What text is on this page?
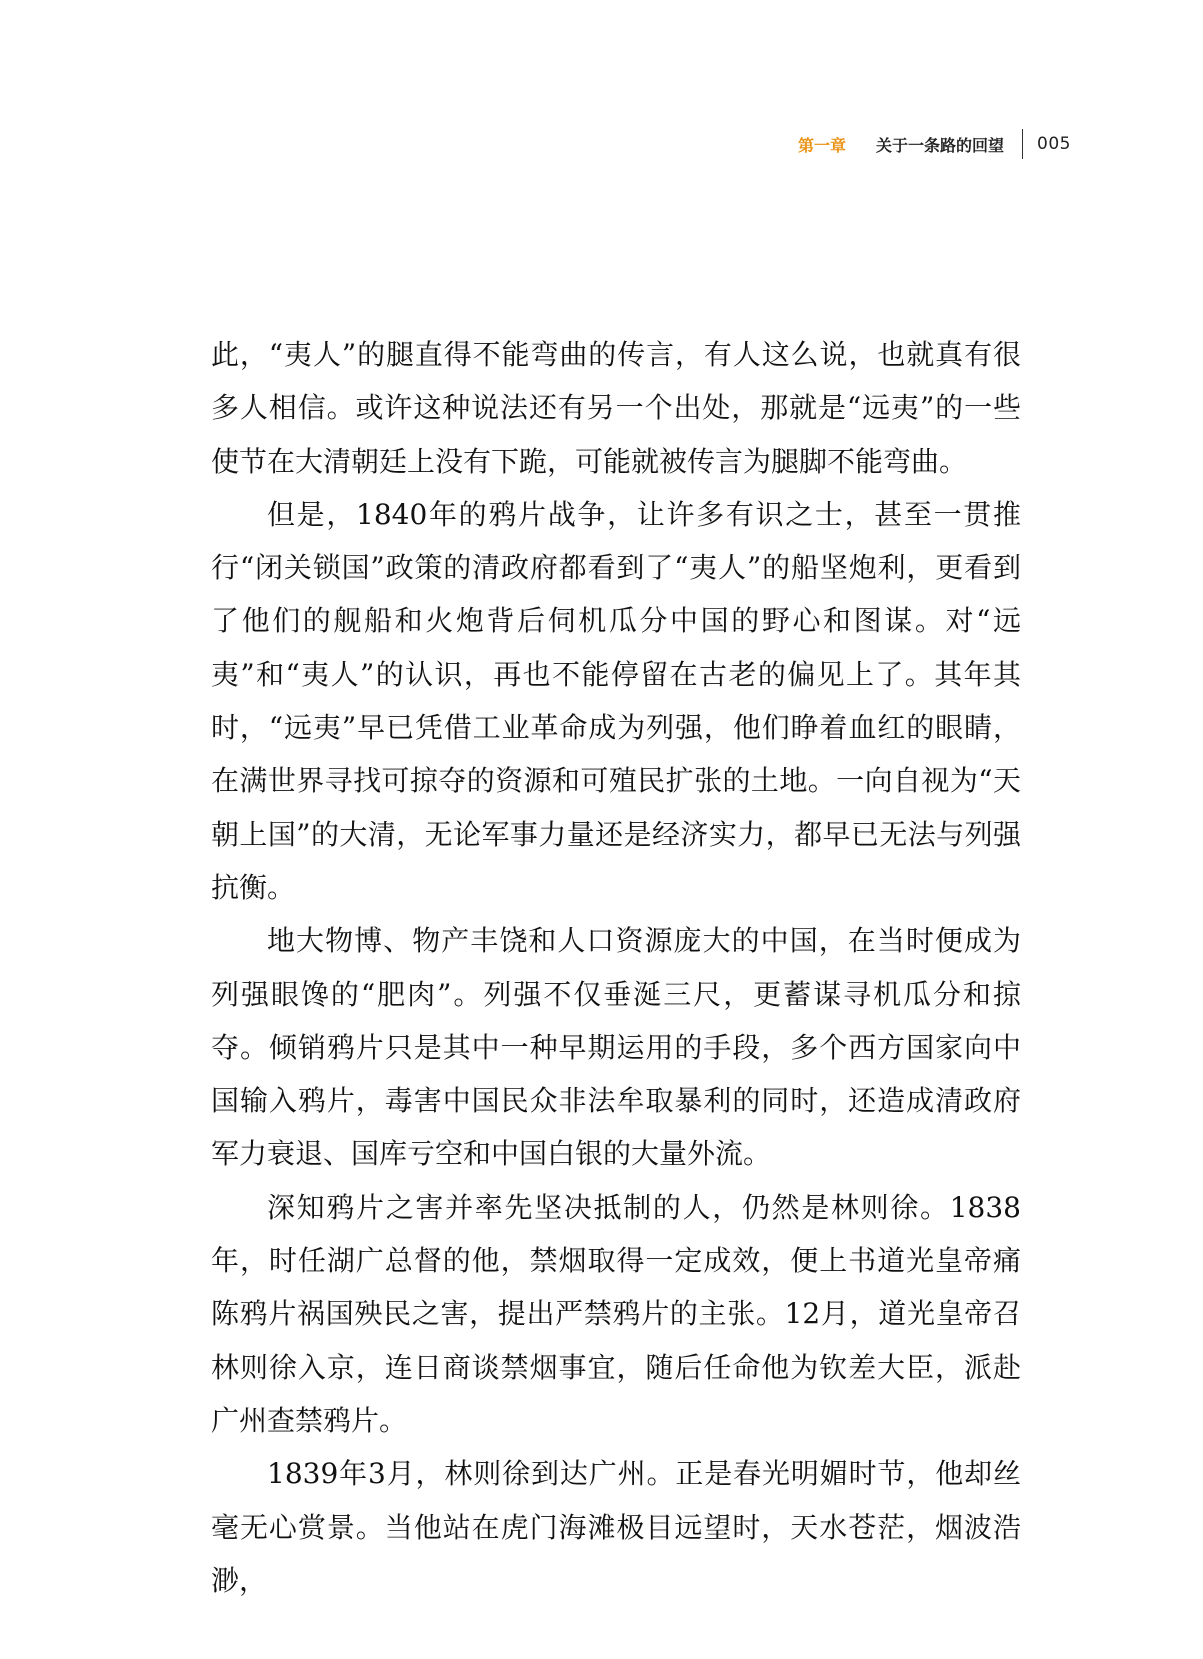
第一章 关于一条路的回望 005

此，“夷人”的腿直得不能弯曲的传言，有人这么说，也就真有很多人相信。或许这种说法还有另一个出处，那就是“远夷”的一些使节在大清朝廷上没有下跪，可能就被传言为腿脚不能弯曲。

但是，1840年的鸦片战争，让许多有识之士，甚至一贯推行“闭关锁国”政策的清政府都看到了“夷人”的船坚炮利，更看到了他们的舰船和火炮背后伺机瓜分中国的野心和图谋。对“远夷”和“夷人”的认识，再也不能停留在古老的偏见上了。其年其时，“远夷”早已凭借工业革命成为列强，他们睁着血红的眼睛，在满世界寻找可掠夺的资源和可殖民扩张的土地。一向自视为“天朝上国”的大清，无论军事力量还是经济实力，都早已无法与列强抗衡。

地大物博、物产丰饶和人口资源庞大的中国，在当时便成为列强眼馋的“肥肉”。列强不仅垂涎三尺，更蓄谋寻机瓜分和掠夺。倾销鸦片只是其中一种早期运用的手段，多个西方国家向中国输入鸦片，毒害中国民众非法牟取暴利的同时，还造成清政府军力衰退、国库亏空和中国白银的大量外流。

深知鸦片之害并率先坚决抵制的人，仍然是林则徐。1838年，时任湖广总督的他，禁烟取得一定成效，便上书道光皇帝痛陈鸦片祸国殃民之害，提出严禁鸦片的主张。12月，道光皇帝召林则徐入京，连日商谈禁烟事宜，随后任命他为钦差大臣，派赴广州查禁鸦片。

1839年3月，林则徐到达广州。正是春光明媚时节，他却丝毫无心赏景。当他站在虎门海滩极目远望时，天水苍茫，烟波浩渺，
